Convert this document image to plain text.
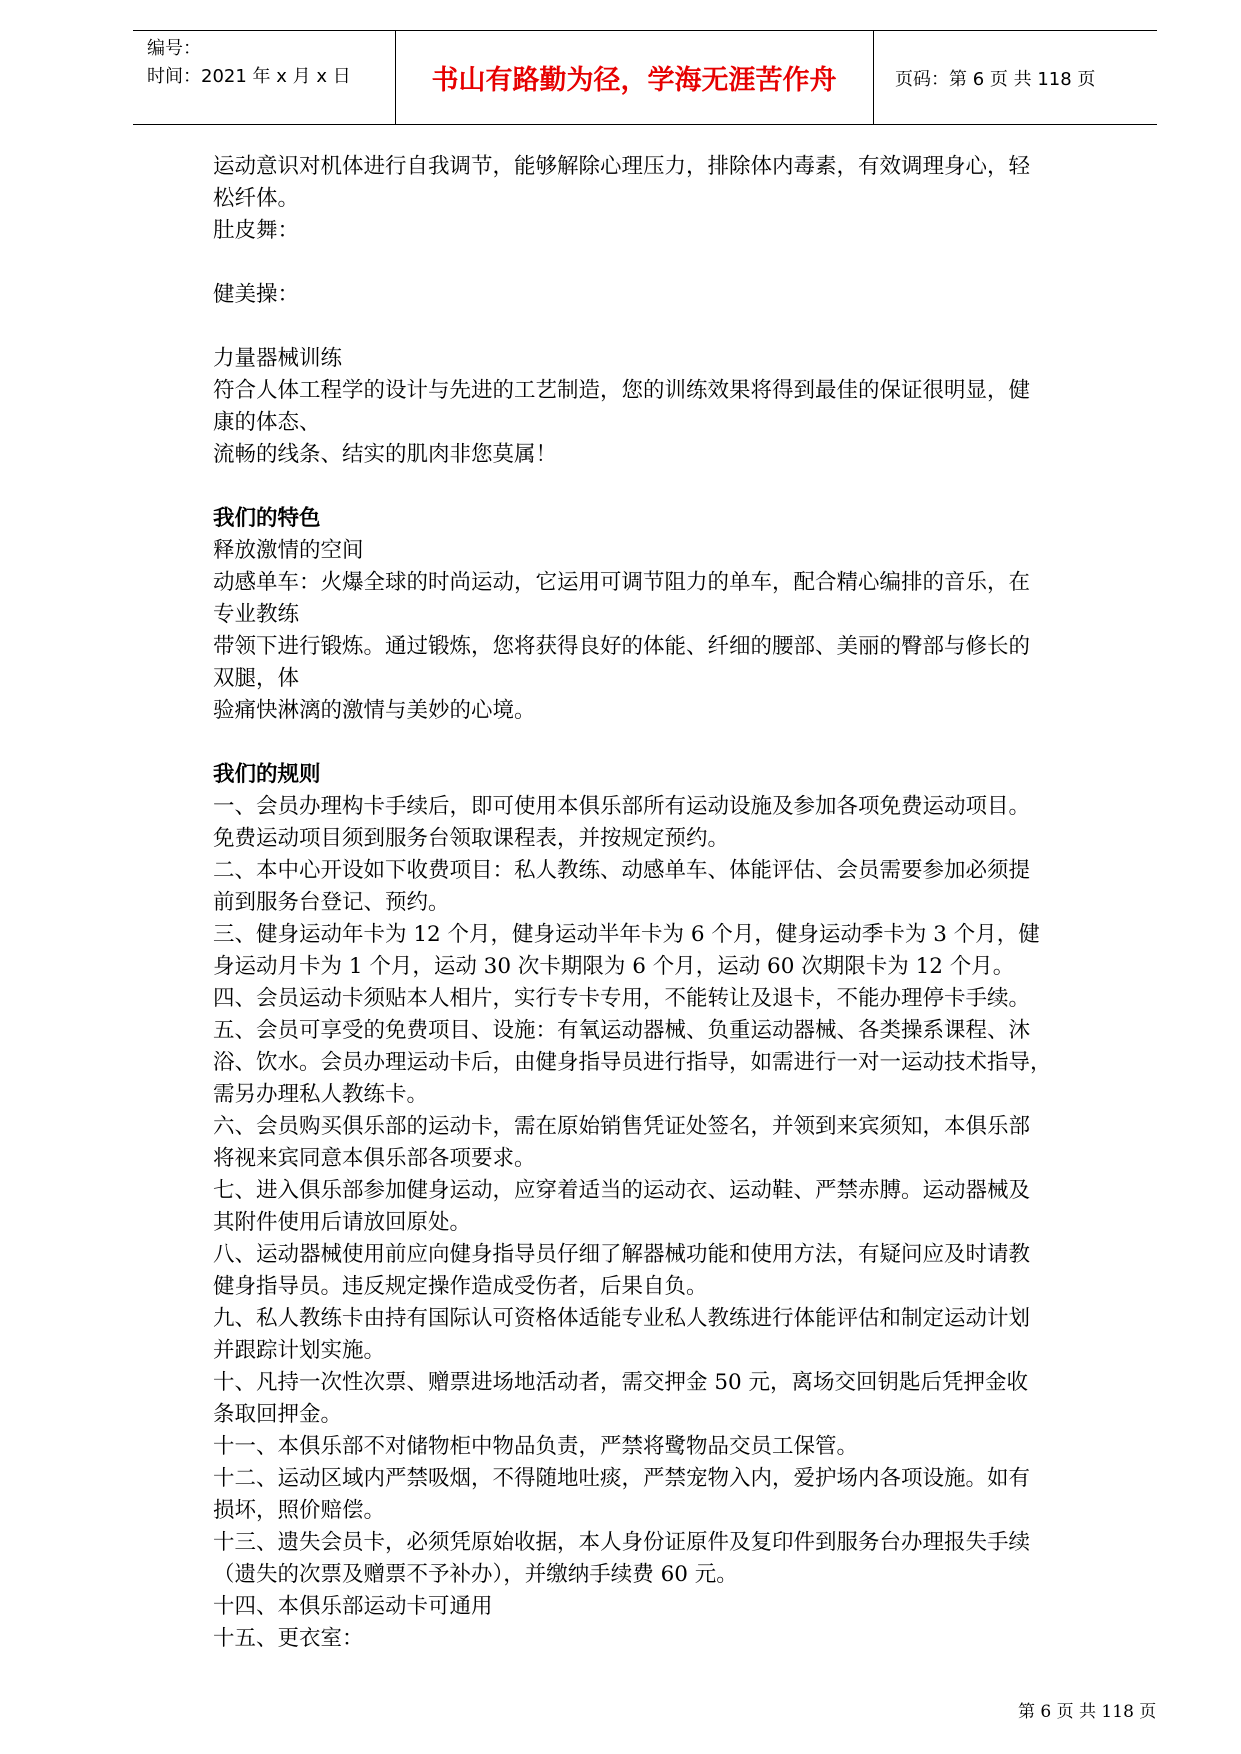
编号：
时间：2021 年 x 月 x 日	书山有路勤为径，学海无涯苦作舟	页码：第 6 页 共 118 页
运动意识对机体进行自我调节，能够解除心理压力，排除体内毒素，有效调理身心，轻
松纤体。
肚皮舞：
健美操：
力量器械训练
符合人体工程学的设计与先进的工艺制造，您的训练效果将得到最佳的保证很明显，健
康的体态、
流畅的线条、结实的肌肉非您莫属！
我们的特色
释放激情的空间
动感单车：火爆全球的时尚运动，它运用可调节阻力的单车，配合精心编排的音乐，在
专业教练
带领下进行锻炼。通过锻炼，您将获得良好的体能、纤细的腰部、美丽的臀部与修长的
双腿，体
验痛快淋漓的激情与美妙的心境。
我们的规则
一、会员办理构卡手续后，即可使用本俱乐部所有运动设施及参加各项免费运动项目。
免费运动项目须到服务台领取课程表，并按规定预约。
二、本中心开设如下收费项目：私人教练、动感单车、体能评估、会员需要参加必须提
前到服务台登记、预约。
三、健身运动年卡为 12 个月，健身运动半年卡为 6 个月，健身运动季卡为 3 个月，健
身运动月卡为 1 个月，运动 30 次卡期限为 6 个月，运动 60 次期限卡为 12 个月。
四、会员运动卡须贴本人相片，实行专卡专用，不能转让及退卡，不能办理停卡手续。
五、会员可享受的免费项目、设施：有氧运动器械、负重运动器械、各类操系课程、沐
浴、饮水。会员办理运动卡后，由健身指导员进行指导，如需进行一对一运动技术指导，
需另办理私人教练卡。
六、会员购买俱乐部的运动卡，需在原始销售凭证处签名，并领到来宾须知，本俱乐部
将视来宾同意本俱乐部各项要求。
七、进入俱乐部参加健身运动，应穿着适当的运动衣、运动鞋、严禁赤膊。运动器械及
其附件使用后请放回原处。
八、运动器械使用前应向健身指导员仔细了解器械功能和使用方法，有疑问应及时请教
健身指导员。违反规定操作造成受伤者，后果自负。
九、私人教练卡由持有国际认可资格体适能专业私人教练进行体能评估和制定运动计划
并跟踪计划实施。
十、凡持一次性次票、赠票进场地活动者，需交押金 50 元，离场交回钥匙后凭押金收
条取回押金。
十一、本俱乐部不对储物柜中物品负责，严禁将鹭物品交员工保管。
十二、运动区域内严禁吸烟，不得随地吐痰，严禁宠物入内，爱护场内各项设施。如有
损坏，照价赔偿。
十三、遗失会员卡，必须凭原始收据，本人身份证原件及复印件到服务台办理报失手续
（遗失的次票及赠票不予补办），并缴纳手续费 60 元。
十四、本俱乐部运动卡可通用
十五、更衣室：
第 6 页 共 118 页
